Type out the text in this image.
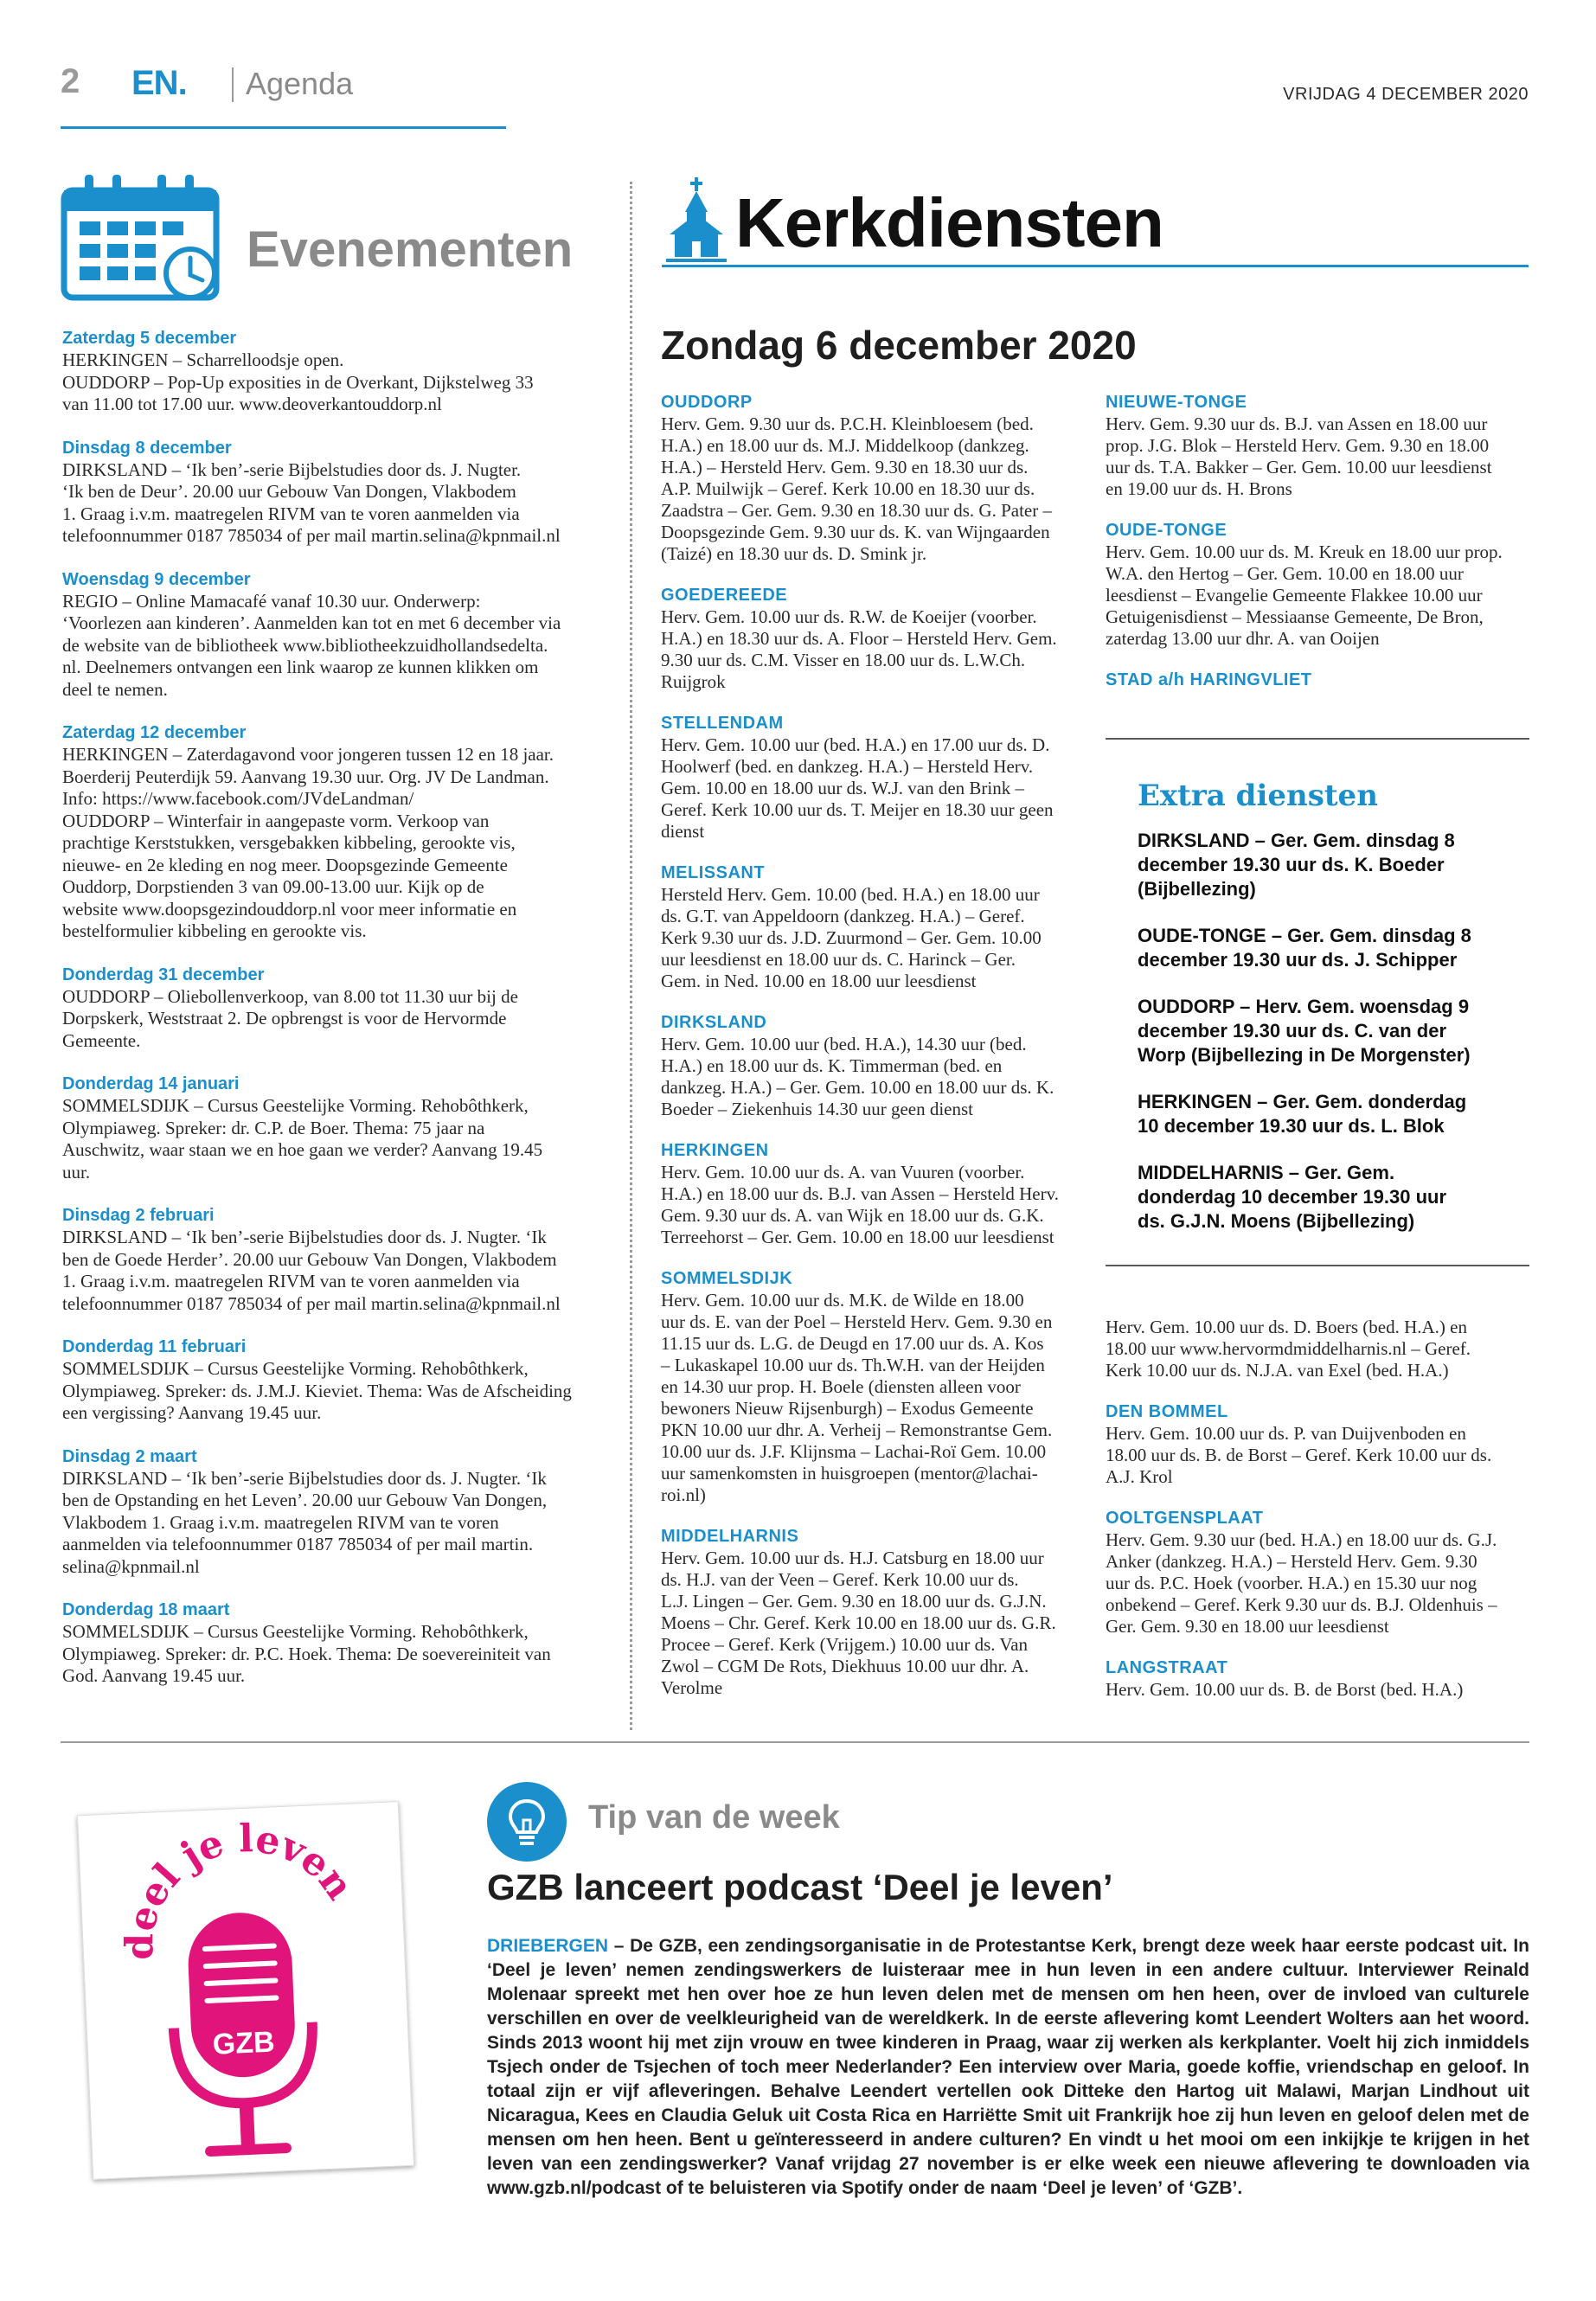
2 EN. Agenda	VRIJDAG 4 DECEMBER 2020
Evenementen
Zaterdag 5 december
HERKINGEN – Scharrelloodsje open.
OUDDORP – Pop-Up exposities in de Overkant, Dijkstelweg 33
van 11.00 tot 17.00 uur. www.deoverkantouddorp.nl
Dinsdag 8 december
DIRKSLAND – ‘Ik ben’-serie Bijbelstudies door ds. J. Nugter.
‘Ik ben de Deur’. 20.00 uur Gebouw Van Dongen, Vlakbodem
1. Graag i.v.m. maatregelen RIVM van te voren aanmelden via
telefoonnummer 0187 785034 of per mail martin.selina@kpnmail.nl
Woensdag 9 december
REGIO – Online Mamacafé vanaf 10.30 uur. Onderwerp:
‘Voorlezen aan kinderen’. Aanmelden kan tot en met 6 december via
de website van de bibliotheek www.bibliotheekzuidhollandsedelta.
nl. Deelnemers ontvangen een link waarop ze kunnen klikken om
deel te nemen.
Zaterdag 12 december
HERKINGEN – Zaterdagavond voor jongeren tussen 12 en 18 jaar.
Boerderij Peuterdijk 59. Aanvang 19.30 uur. Org. JV De Landman.
Info: https://www.facebook.com/JVdeLandman/
OUDDORP – Winterfair in aangepaste vorm. Verkoop van
prachtige Kerststukken, versgebakken kibbeling, gerookte vis,
nieuwe- en 2e kleding en nog meer. Doopsgezinde Gemeente
Ouddorp, Dorpstienden 3 van 09.00-13.00 uur. Kijk op de
website www.doopsgezindouddorp.nl voor meer informatie en
bestelformulier kibbeling en gerookte vis.
Donderdag 31 december
OUDDORP – Oliebollenverkoop, van 8.00 tot 11.30 uur bij de
Dorpskerk, Weststraat 2. De opbrengst is voor de Hervormde
Gemeente.
Donderdag 14 januari
SOMMELSDIJK – Cursus Geestelijke Vorming. Rehobôthkerk,
Olympiaweg. Spreker: dr. C.P. de Boer. Thema: 75 jaar na
Auschwitz, waar staan we en hoe gaan we verder? Aanvang 19.45
uur.
Dinsdag 2 februari
DIRKSLAND – ‘Ik ben’-serie Bijbelstudies door ds. J. Nugter. ‘Ik
ben de Goede Herder’. 20.00 uur Gebouw Van Dongen, Vlakbodem
1. Graag i.v.m. maatregelen RIVM van te voren aanmelden via
telefoonnummer 0187 785034 of per mail martin.selina@kpnmail.nl
Donderdag 11 februari
SOMMELSDIJK – Cursus Geestelijke Vorming. Rehobôthkerk,
Olympiaweg. Spreker: ds. J.M.J. Kieviet. Thema: Was de Afscheiding
een vergissing? Aanvang 19.45 uur.
Dinsdag 2 maart
DIRKSLAND – ‘Ik ben’-serie Bijbelstudies door ds. J. Nugter. ‘Ik
ben de Opstanding en het Leven’. 20.00 uur Gebouw Van Dongen,
Vlakbodem 1. Graag i.v.m. maatregelen RIVM van te voren
aanmelden via telefoonnummer 0187 785034 of per mail martin.
selina@kpnmail.nl
Donderdag 18 maart
SOMMELSDIJK – Cursus Geestelijke Vorming. Rehobôthkerk,
Olympiaweg. Spreker: dr. P.C. Hoek. Thema: De soevereiniteit van
God. Aanvang 19.45 uur.
Kerkdiensten
Zondag 6 december 2020
OUDDORP
Herv. Gem. 9.30 uur ds. P.C.H. Kleinbloesem (bed.
H.A.) en 18.00 uur ds. M.J. Middelkoop (dankzeg.
H.A.) – Hersteld Herv. Gem. 9.30 en 18.30 uur ds.
A.P. Muilwijk – Geref. Kerk 10.00 en 18.30 uur ds.
Zaadstra – Ger. Gem. 9.30 en 18.30 uur ds. G. Pater –
Doopsgezinde Gem. 9.30 uur ds. K. van Wijngaarden
(Taizé) en 18.30 uur ds. D. Smink jr.
GOEDEREEDE
Herv. Gem. 10.00 uur ds. R.W. de Koeijer (voorber.
H.A.) en 18.30 uur ds. A. Floor – Hersteld Herv. Gem.
9.30 uur ds. C.M. Visser en 18.00 uur ds. L.W.Ch.
Ruijgrok
STELLENDAM
Herv. Gem. 10.00 uur (bed. H.A.) en 17.00 uur ds. D.
Hoolwerf (bed. en dankzeg. H.A.) – Hersteld Herv.
Gem. 10.00 en 18.00 uur ds. W.J. van den Brink –
Geref. Kerk 10.00 uur ds. T. Meijer en 18.30 uur geen
dienst
MELISSANT
Hersteld Herv. Gem. 10.00 (bed. H.A.) en 18.00 uur
ds. G.T. van Appeldoorn (dankzeg. H.A.) – Geref.
Kerk 9.30 uur ds. J.D. Zuurmond – Ger. Gem. 10.00
uur leesdienst en 18.00 uur ds. C. Harinck – Ger.
Gem. in Ned. 10.00 en 18.00 uur leesdienst
DIRKSLAND
Herv. Gem. 10.00 uur (bed. H.A.), 14.30 uur (bed.
H.A.) en 18.00 uur ds. K. Timmerman (bed. en
dankzeg. H.A.) – Ger. Gem. 10.00 en 18.00 uur ds. K.
Boeder – Ziekenhuis 14.30 uur geen dienst
HERKINGEN
Herv. Gem. 10.00 uur ds. A. van Vuuren (voorber.
H.A.) en 18.00 uur ds. B.J. van Assen – Hersteld Herv.
Gem. 9.30 uur ds. A. van Wijk en 18.00 uur ds. G.K.
Terreehorst – Ger. Gem. 10.00 en 18.00 uur leesdienst
SOMMELSDIJK
Herv. Gem. 10.00 uur ds. M.K. de Wilde en 18.00
uur ds. E. van der Poel – Hersteld Herv. Gem. 9.30 en
11.15 uur ds. L.G. de Deugd en 17.00 uur ds. A. Kos
– Lukaskapel 10.00 uur ds. Th.W.H. van der Heijden
en 14.30 uur prop. H. Boele (diensten alleen voor
bewoners Nieuw Rijsenburgh) – Exodus Gemeente
PKN 10.00 uur dhr. A. Verheij – Remonstrantse Gem.
10.00 uur ds. J.F. Klijnsma – Lachai-Roï Gem. 10.00
uur samenkomsten in huisgroepen (mentor@lachai-
roi.nl)
MIDDELHARNIS
Herv. Gem. 10.00 uur ds. H.J. Catsburg en 18.00 uur
ds. H.J. van der Veen – Geref. Kerk 10.00 uur ds.
L.J. Lingen – Ger. Gem. 9.30 en 18.00 uur ds. G.J.N.
Moens – Chr. Geref. Kerk 10.00 en 18.00 uur ds. G.R.
Procee – Geref. Kerk (Vrijgem.) 10.00 uur ds. Van
Zwol – CGM De Rots, Diekhuus 10.00 uur dhr. A.
Verolme
NIEUWE-TONGE
Herv. Gem. 9.30 uur ds. B.J. van Assen en 18.00 uur
prop. J.G. Blok – Hersteld Herv. Gem. 9.30 en 18.00
uur ds. T.A. Bakker – Ger. Gem. 10.00 uur leesdienst
en 19.00 uur ds. H. Brons
OUDE-TONGE
Herv. Gem. 10.00 uur ds. M. Kreuk en 18.00 uur prop.
W.A. den Hertog – Ger. Gem. 10.00 en 18.00 uur
leesdienst – Evangelie Gemeente Flakkee 10.00 uur
Getuigenisdienst – Messiaanse Gemeente, De Bron,
zaterdag 13.00 uur dhr. A. van Ooijen
STAD a/h HARINGVLIET
Extra diensten
DIRKSLAND – Ger. Gem. dinsdag 8
december 19.30 uur ds. K. Boeder
(Bijbellezing)
OUDE-TONGE – Ger. Gem. dinsdag 8
december 19.30 uur ds. J. Schipper
OUDDORP – Herv. Gem. woensdag 9
december 19.30 uur ds. C. van der
Worp (Bijbellezing in De Morgenster)
HERKINGEN – Ger. Gem. donderdag
10 december 19.30 uur ds. L. Blok
MIDDELHARNIS – Ger. Gem.
donderdag 10 december 19.30 uur
ds. G.J.N. Moens (Bijbellezing)
Herv. Gem. 10.00 uur ds. D. Boers (bed. H.A.) en
18.00 uur www.hervormdmiddelharnis.nl – Geref.
Kerk 10.00 uur ds. N.J.A. van Exel (bed. H.A.)
DEN BOMMEL
Herv. Gem. 10.00 uur ds. P. van Duijvenboden en
18.00 uur ds. B. de Borst – Geref. Kerk 10.00 uur ds.
A.J. Krol
OOLTGENSPLAAT
Herv. Gem. 9.30 uur (bed. H.A.) en 18.00 uur ds. G.J.
Anker (dankzeg. H.A.) – Hersteld Herv. Gem. 9.30
uur ds. P.C. Hoek (voorber. H.A.) en 15.30 uur nog
onbekend – Geref. Kerk 9.30 uur ds. B.J. Oldenhuis –
Ger. Gem. 9.30 en 18.00 uur leesdienst
LANGSTRAAT
Herv. Gem. 10.00 uur ds. B. de Borst (bed. H.A.)
deel je leven
GZB
Tip van de week
GZB lanceert podcast ‘Deel je leven’
DRIEBERGEN – De GZB, een zendingsorganisatie in de Protestantse Kerk, brengt deze week haar eerste podcast uit. In ‘Deel je leven’ nemen zendingswerkers de luisteraar mee in hun leven in een andere cultuur. Interviewer Reinald Molenaar spreekt met hen over hoe ze hun leven delen met de mensen om hen heen, over de invloed van culturele verschillen en over de veelkleurigheid van de wereldkerk. In de eerste aflevering komt Leendert Wolters aan het woord. Sinds 2013 woont hij met zijn vrouw en twee kinderen in Praag, waar zij werken als kerkplanter. Voelt hij zich inmiddels Tsjech onder de Tsjechen of toch meer Nederlander? Een interview over Maria, goede koffie, vriendschap en geloof. In totaal zijn er vijf afleveringen. Behalve Leendert vertellen ook Ditteke den Hartog uit Malawi, Marjan Lindhout uit Nicaragua, Kees en Claudia Geluk uit Costa Rica en Harriëtte Smit uit Frankrijk hoe zij hun leven en geloof delen met de mensen om hen heen. Bent u geïnteresseerd in andere culturen? En vindt u het mooi om een inkijkje te krijgen in het leven van een zendingswerker? Vanaf vrijdag 27 november is er elke week een nieuwe aflevering te downloaden via www.gzb.nl/podcast of te beluisteren via Spotify onder de naam ‘Deel je leven’ of ‘GZB’.
